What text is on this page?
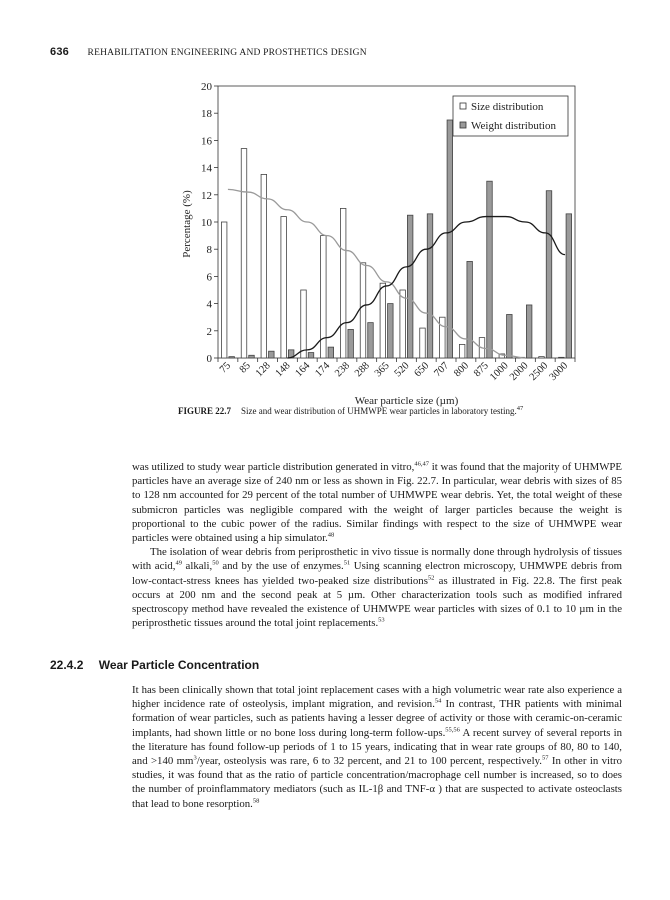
636 REHABILITATION ENGINEERING AND PROSTHETICS DESIGN
0
2
4
6
8
10
12
14
16
18
20
Percentage (%)
75 85 128 148 164 174 238 288 365 520 650 707 800 875
1000
2000
2500
3000
Wear particle size (µm)
Size distribution
Weight distribution
FIGURE 22.7 Size and wear distribution of UHMWPE wear particles in laboratory testing.$^{47}$

was utilized to study wear particle distribution generated in vitro,$^{46,47}$ it was found that the majority of UHMWPE particles have an average size of 240 nm or less as shown in Fig. 22.7. In particular, wear debris with sizes of 85 to 128 nm accounted for 29 percent of the total number of UHMWPE wear debris. Yet, the total weight of these submicron particles was negligible compared with the weight of larger particles because the weight is proportional to the cubic power of the radius. Similar findings with respect to the size of UHMWPE wear particles were obtained using a hip simulator.$^{48}$

The isolation of wear debris from periprosthetic in vivo tissue is normally done through hydrolysis of tissues with acid,$^{49}$ alkali,$^{50}$ and by the use of enzymes.$^{51}$ Using scanning electron microscopy, UHMWPE debris from low-contact-stress knees has yielded two-peaked size distributions$^{52}$ as illustrated in Fig. 22.8. The first peak occurs at 200 nm and the second peak at 5 µm. Other characterization tools such as modified infrared spectroscopy method have revealed the existence of UHMWPE wear particles with sizes of 0.1 to 10 µm in the periprosthetic tissues around the total joint replacements.$^{53}$

22.4.2 Wear Particle Concentration

It has been clinically shown that total joint replacement cases with a high volumetric wear rate also experience a higher incidence rate of osteolysis, implant migration, and revision.$^{54}$ In contrast, THR patients with minimal formation of wear particles, such as patients having a lesser degree of activity or those with ceramic-on-ceramic implants, had shown little or no bone loss during long-term follow-ups.$^{55,56}$ A recent survey of several reports in the literature has found follow-up periods of 1 to 15 years, indicating that in wear rate groups of 80, 80 to 140, and >140 $mm^3$/year, osteolysis was rare, 6 to 32 percent, and 21 to 100 percent, respectively.$^{57}$ In other in vitro studies, it was found that as the ratio of particle concentration/macrophage cell number is increased, so to does the number of proinflammatory mediators (such as IL-1β and TNF-α ) that are suspected to activate osteoclasts that lead to bone resorption.$^{58}$
